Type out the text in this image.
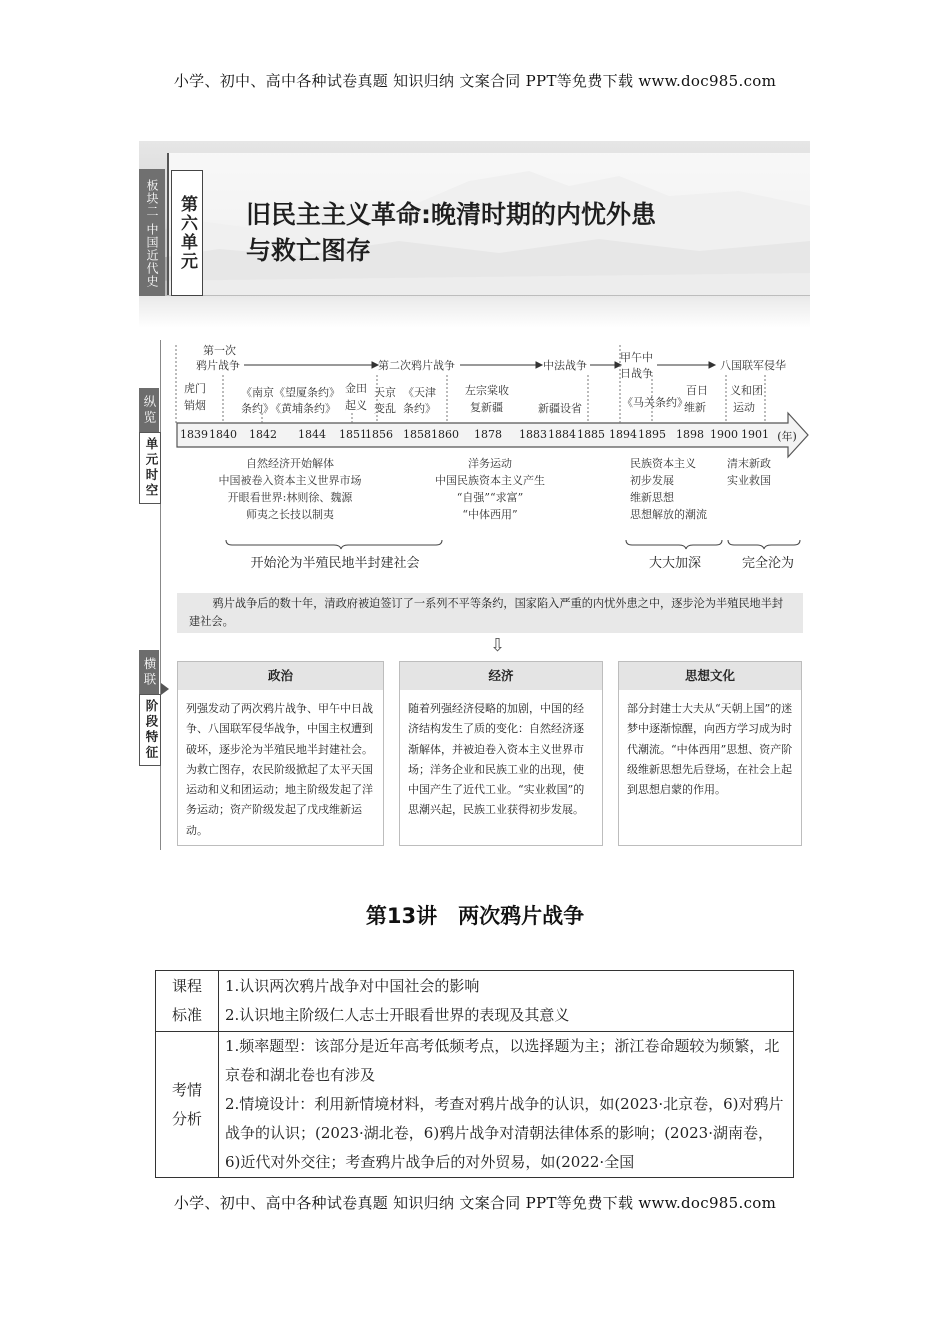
小学、初中、高中各种试卷真题 知识归纳 文案合同 PPT等免费下载 www.doc985.com
板块二 中国近代史	第六单元 旧民主主义革命:晚清时期的内忧外患
与救亡图存
纵览
单元时空
横联
阶段特征
第一次
鸦片战争	第二次鸦片战争	中法战争
甲午中
日战争
八国联军侵华
虎门
销烟
《南京
条约》
《望厦条约》
《黄埔条约》
金田
起义
天京
变乱
《天津
条约》
左宗棠收
复新疆	新疆设省	《马关条约》
百日
维新
义和团
运动
1839 1840 1842 1844 1851
1856 1858 1860 1878 1883 1884 1885 1894 1895 1898 1900 1901 (年)
自然经济开始解体
中国被卷入资本主义世界市场
开眼看世界:林则徐、魏源
师夷之长技以制夷
洋务运动
中国民族资本主义产生
“自强”“求富”
“中体西用”
民族资本主义
初步发展
维新思想
思想解放的潮流
清末新政
实业救国
开始沦为半殖民地半封建社会	大大加深	完全沦为
鸦片战争后的数十年，清政府被迫签订了一系列不平等条约，国家陷入严重的内忧外患之中，逐步沦为半殖民地半封建社会。
⇩
政治
列强发动了两次鸦片战争、甲午中日战争、八国联军侵华战争，中国主权遭到破坏，逐步沦为半殖民地半封建社会。为救亡图存，农民阶级掀起了太平天国运动和义和团运动；地主阶级发起了洋务运动；资产阶级发起了戊戌维新运动。
经济
随着列强经济侵略的加剧，中国的经济结构发生了质的变化：自然经济逐渐解体，并被迫卷入资本主义世界市场；洋务企业和民族工业的出现，使中国产生了近代工业。“实业救国”的思潮兴起，民族工业获得初步发展。
思想文化
部分封建士大夫从“天朝上国”的迷梦中逐渐惊醒，向西方学习成为时代潮流。“中体西用”思想、资产阶级维新思想先后登场，在社会上起到思想启蒙的作用。
第13讲　两次鸦片战争
课程标准	1.认识两次鸦片战争对中国社会的影响
2.认识地主阶级仁人志士开眼看世界的表现及其意义

考情分析	1.频率题型：该部分是近年高考低频考点，以选择题为主；浙江卷命题较为频繁，北京卷和湖北卷也有涉及
2.情境设计：利用新情境材料，考查对鸦片战争的认识，如(2023·北京卷，6)对鸦片战争的认识；(2023·湖北卷，6)鸦片战争对清朝法律体系的影响；(2023·湖南卷，6)近代对外交往；考查鸦片战争后的对外贸易，如(2022·全国
小学、初中、高中各种试卷真题 知识归纳 文案合同 PPT等免费下载 www.doc985.com
